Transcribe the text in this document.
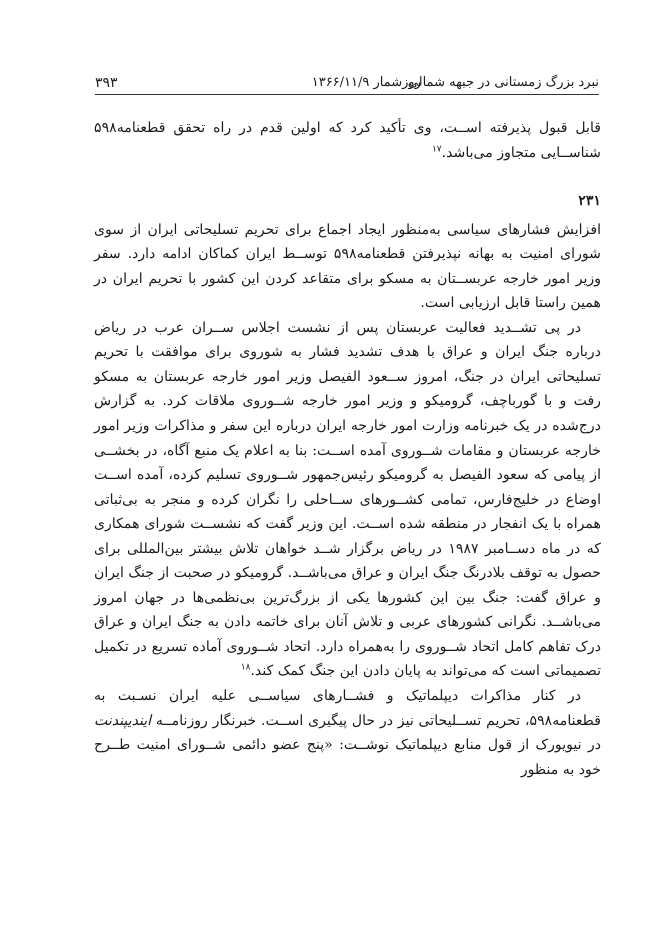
نبرد بزرگ زمستانی در جبهه شمالی
روزشمار ۱۳۶۶/۱۱/۹
۳۹۳

قابل قبول پذیرفته اســت، وی تأکید کرد که اولین قدم در راه تحقق قطعنامه۵۹۸ شناســایی متجاوز می‌باشد.$^{۱۷}$

۲۳۱

افزایش فشارهای سیاسی به‌منظور ایجاد اجماع برای تحریم تسلیحاتی ایران از سوی شورای امنیت به بهانه نپذیرفتن قطعنامه۵۹۸ توســط ایران کماکان ادامه دارد. سفر وزیر امور خارجه عربســتان به مسکو برای متقاعد کردن این کشور با تحریم ایران در همین راستا قابل ارزیابی است.

در پی تشــدید فعالیت عربستان پس از نشست اجلاس ســران عرب در ریاض درباره جنگ ایران و عراق با هدف تشدید فشار به شوروی برای موافقت با تحریم تسلیحاتی ایران در جنگ، امروز ســعود الفیصل وزیر امور خارجه عربستان به مسکو رفت و با گورباچف، گرومیکو و وزیر امور خارجه شــوروی ملاقات کرد. به گزارش درج‌شده در یک خبرنامه وزارت امور خارجه ایران درباره این سفر و مذاکرات وزیر امور خارجه عربستان و مقامات شــوروی آمده اســت: بنا به اعلام یک منبع آگاه، در بخشــی از پیامی که سعود الفیصل به گرومیکو رئیس‌جمهور شــوروی تسلیم کرده، آمده اســت اوضاع در خلیج‌فارس، تمامی کشــورهای ســاحلی را نگران کرده و منجر به بی‌ثباتی همراه با یک انفجار در منطقه شده اســت. این وزیر گفت که نشســت شورای همکاری که در ماه دســامبر ۱۹۸۷ در ریاض برگزار شــد خواهان تلاش بیشتر بین‌المللی برای حصول به توقف بلادرنگ جنگ ایران و عراق می‌باشــد. گرومیکو در صحبت از جنگ ایران و عراق گفت: جنگ بین این کشورها یکی از بزرگ‌ترین بی‌نظمی‌ها در جهان امروز می‌باشــد. نگرانی کشورهای عربی و تلاش آنان برای خاتمه دادن به جنگ ایران و عراق درک تفاهم کامل اتحاد شــوروی را به‌همراه دارد. اتحاد شــوروی آماده تسریع در تکمیل تصمیماتی است که می‌تواند به پایان دادن این جنگ کمک کند.$^{۱۸}$

در کنار مذاکرات دیپلماتیک و فشــارهای سیاســی علیه ایران نسـبت به قطعنامه۵۹۸، تحریم تســلیحاتی نیز در حال پیگیری اســت. خبرنگار روزنامــه ایندیپندنت در نیویورک از قول منابع دیپلماتیک نوشــت: «پنج عضو دائمی شــورای امنیت طــرح خود به منظور
